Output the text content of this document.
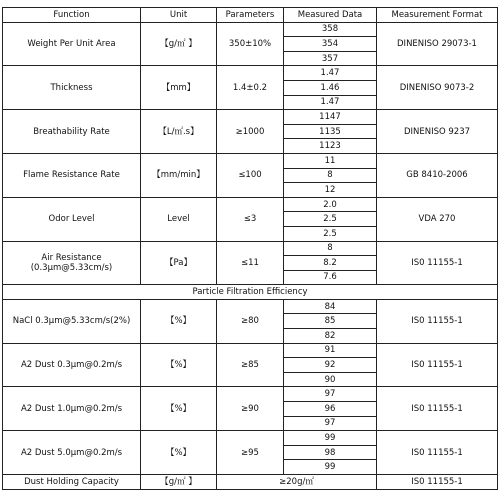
Function	Unit	Parameters	Measured Data	Measurement Format
Weight Per Unit Area	【g/㎡ 】	350±10%	358	DINENISO 29073-1
			354	
			357	
Thickness	【mm】	1.4±0.2	1.47	DINENISO 9073-2
			1.46	
			1.47	
Breathability Rate	【L/㎡.s】	≥1000	1147	DINENISO 9237
			1135	
			1123	
Flame Resistance Rate	【mm/min】	≤100	11	GB 8410-2006
			8	
			12	
Odor Level	Level	≤3	2.0	VDA 270
			2.5	
			2.5	
Air Resistance (0.3μm@5.33cm/s)	【Pa】	≤11	8	IS0 11155-1
			8.2	
			7.6	
Particle Filtration Efficiency				
NaCl 0.3μm@5.33cm/s(2%)	【%】	≥80	84	IS0 11155-1
			85	
			82	
A2 Dust 0.3μm@0.2m/s	【%】	≥85	91	IS0 11155-1
			92	
			90	
A2 Dust 1.0μm@0.2m/s	【%】	≥90	97	IS0 11155-1
			96	
			97	
A2 Dust 5.0μm@0.2m/s	【%】	≥95	99	IS0 11155-1
			98	
			99	
Dust Holding Capacity	【g/㎡ 】	≥20g/㎡		IS0 11155-1
